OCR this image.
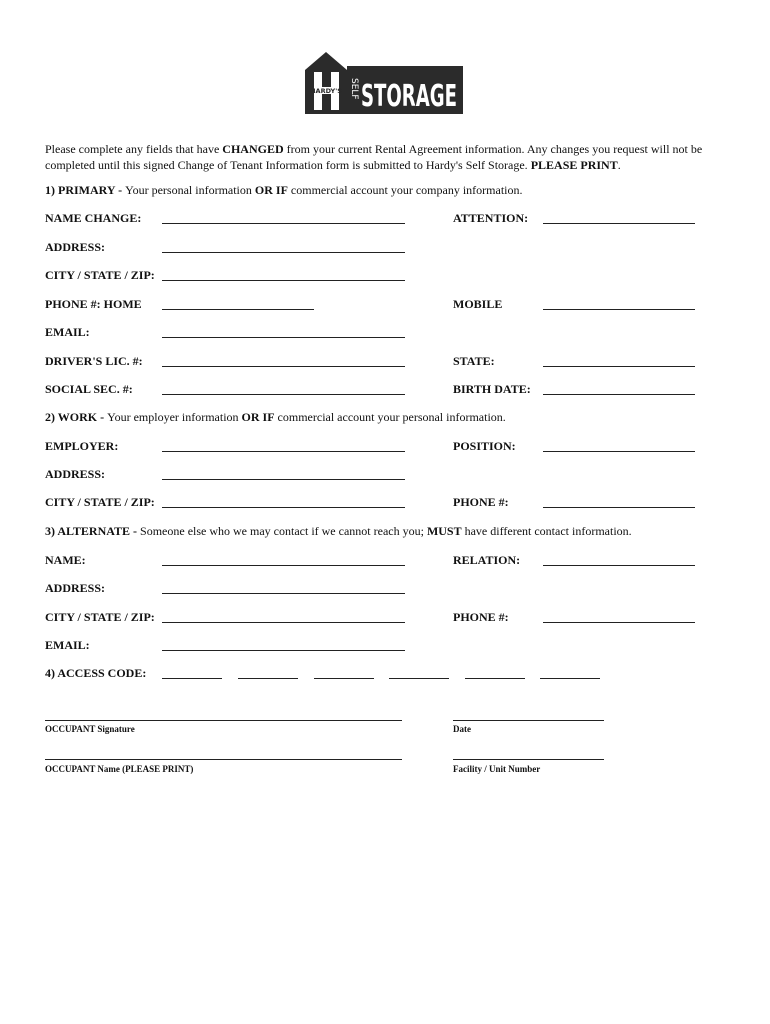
HARDY'S SELF STORAGE
Please complete any fields that have CHANGED from your current Rental Agreement information. Any changes you request will not be completed until this signed Change of Tenant Information form is submitted to Hardy's Self Storage. PLEASE PRINT.
1) PRIMARY - Your personal information OR IF commercial account your company information.
NAME CHANGE:	ATTENTION:
ADDRESS:
CITY / STATE / ZIP:
PHONE #: HOME	MOBILE
EMAIL:
DRIVER'S LIC. #:	STATE:
SOCIAL SEC. #:	BIRTH DATE:
2) WORK - Your employer information OR IF commercial account your personal information.
EMPLOYER:	POSITION:
ADDRESS:
CITY / STATE / ZIP:	PHONE #:
3) ALTERNATE - Someone else who we may contact if we cannot reach you; MUST have different contact information.
NAME:	RELATION:
ADDRESS:
CITY / STATE / ZIP:	PHONE #:
EMAIL:
4) ACCESS CODE:
OCCUPANT Signature	Date
OCCUPANT Name (PLEASE PRINT)	Facility / Unit Number
